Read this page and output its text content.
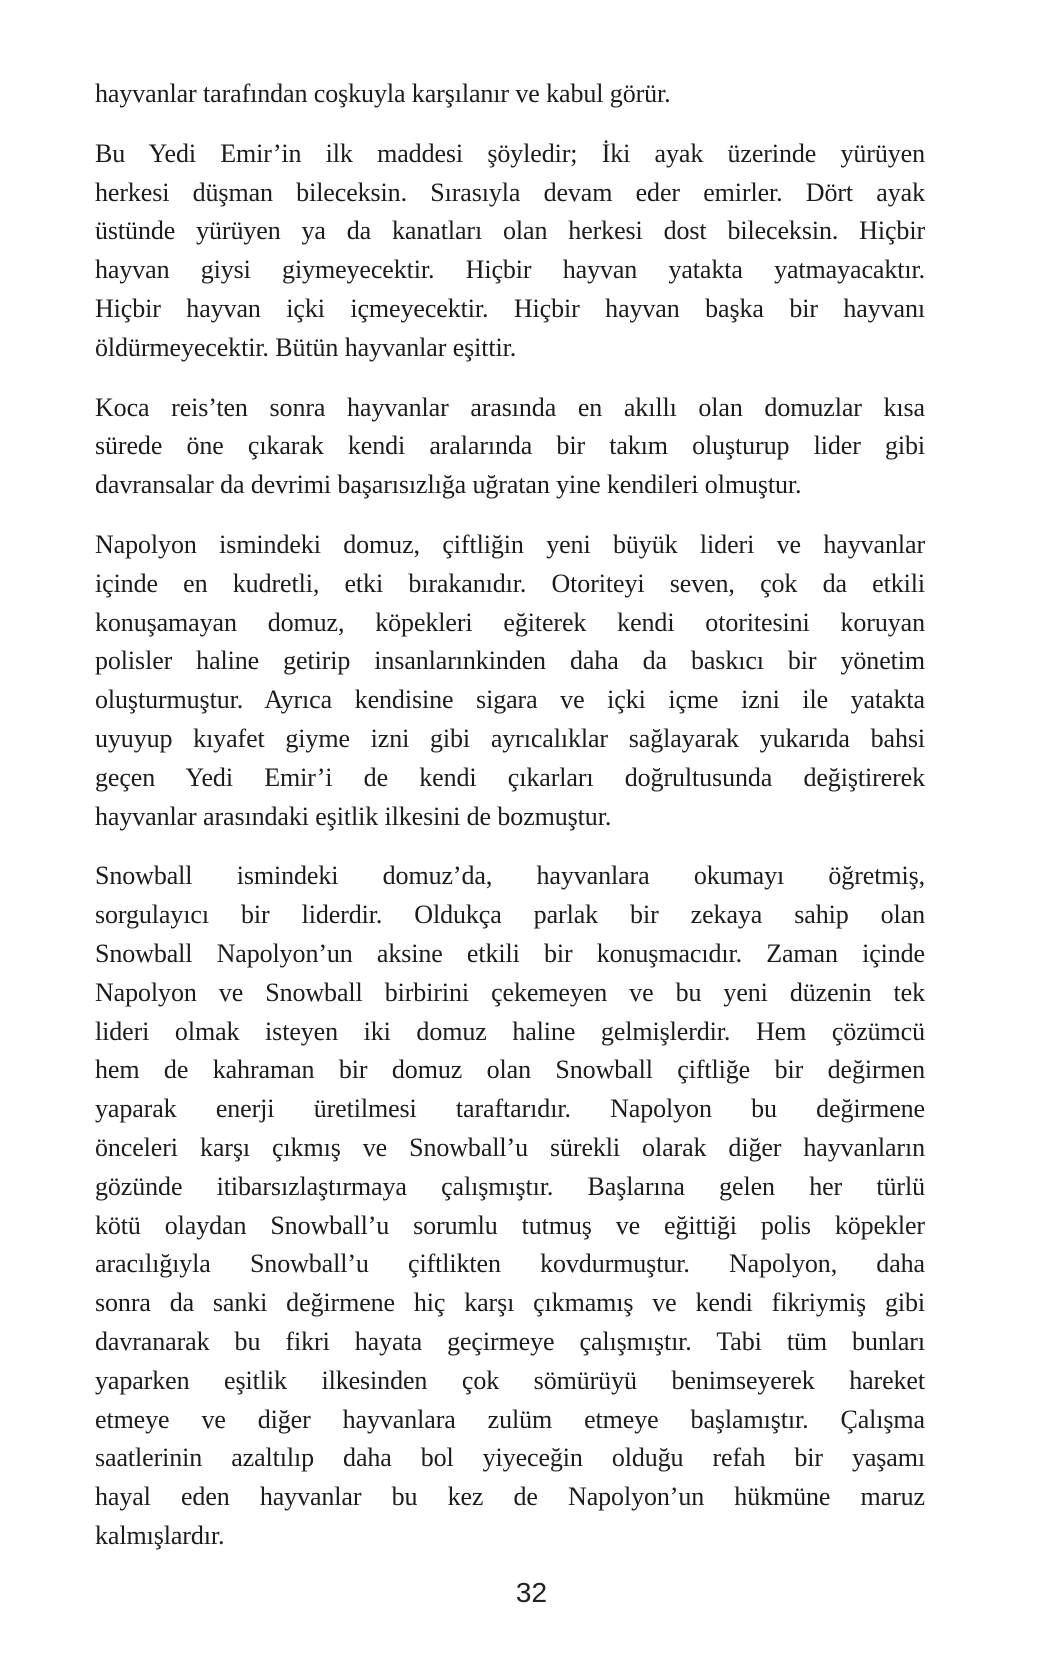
hayvanlar tarafından coşkuyla karşılanır ve kabul görür.
Bu Yedi Emir’in ilk maddesi şöyledir; İki ayak üzerinde yürüyen
herkesi düşman bileceksin. Sırasıyla devam eder emirler. Dört ayak
üstünde yürüyen ya da kanatları olan herkesi dost bileceksin. Hiçbir
hayvan giysi giymeyecektir. Hiçbir hayvan yatakta yatmayacaktır.
Hiçbir hayvan içki içmeyecektir. Hiçbir hayvan başka bir hayvanı
öldürmeyecektir. Bütün hayvanlar eşittir.
Koca reis’ten sonra hayvanlar arasında en akıllı olan domuzlar kısa
sürede öne çıkarak kendi aralarında bir takım oluşturup lider gibi
davransalar da devrimi başarısızlığa uğratan yine kendileri olmuştur.
Napolyon ismindeki domuz, çiftliğin yeni büyük lideri ve hayvanlar
içinde en kudretli, etki bırakanıdır. Otoriteyi seven, çok da etkili
konuşamayan domuz, köpekleri eğiterek kendi otoritesini koruyan
polisler haline getirip insanlarınkinden daha da baskıcı bir yönetim
oluşturmuştur. Ayrıca kendisine sigara ve içki içme izni ile yatakta
uyuyup kıyafet giyme izni gibi ayrıcalıklar sağlayarak yukarıda bahsi
geçen Yedi Emir’i de kendi çıkarları doğrultusunda değiştirerek
hayvanlar arasındaki eşitlik ilkesini de bozmuştur.
Snowball ismindeki domuz’da, hayvanlara okumayı öğretmiş,
sorgulayıcı bir liderdir. Oldukça parlak bir zekaya sahip olan
Snowball Napolyon’un aksine etkili bir konuşmacıdır. Zaman içinde
Napolyon ve Snowball birbirini çekemeyen ve bu yeni düzenin tek
lideri olmak isteyen iki domuz haline gelmişlerdir. Hem çözümcü
hem de kahraman bir domuz olan Snowball çiftliğe bir değirmen
yaparak enerji üretilmesi taraftarıdır. Napolyon bu değirmene
önceleri karşı çıkmış ve Snowball’u sürekli olarak diğer hayvanların
gözünde itibarsızlaştırmaya çalışmıştır. Başlarına gelen her türlü
kötü olaydan Snowball’u sorumlu tutmuş ve eğittiği polis köpekler
aracılığıyla Snowball’u çiftlikten kovdurmuştur. Napolyon, daha
sonra da sanki değirmene hiç karşı çıkmamış ve kendi fikriymiş gibi
davranarak bu fikri hayata geçirmeye çalışmıştır. Tabi tüm bunları
yaparken eşitlik ilkesinden çok sömürüyü benimseyerek hareket
etmeye ve diğer hayvanlara zulüm etmeye başlamıştır. Çalışma
saatlerinin azaltılıp daha bol yiyeceğin olduğu refah bir yaşamı
hayal eden hayvanlar bu kez de Napolyon’un hükmüne maruz
kalmışlardır.
32
